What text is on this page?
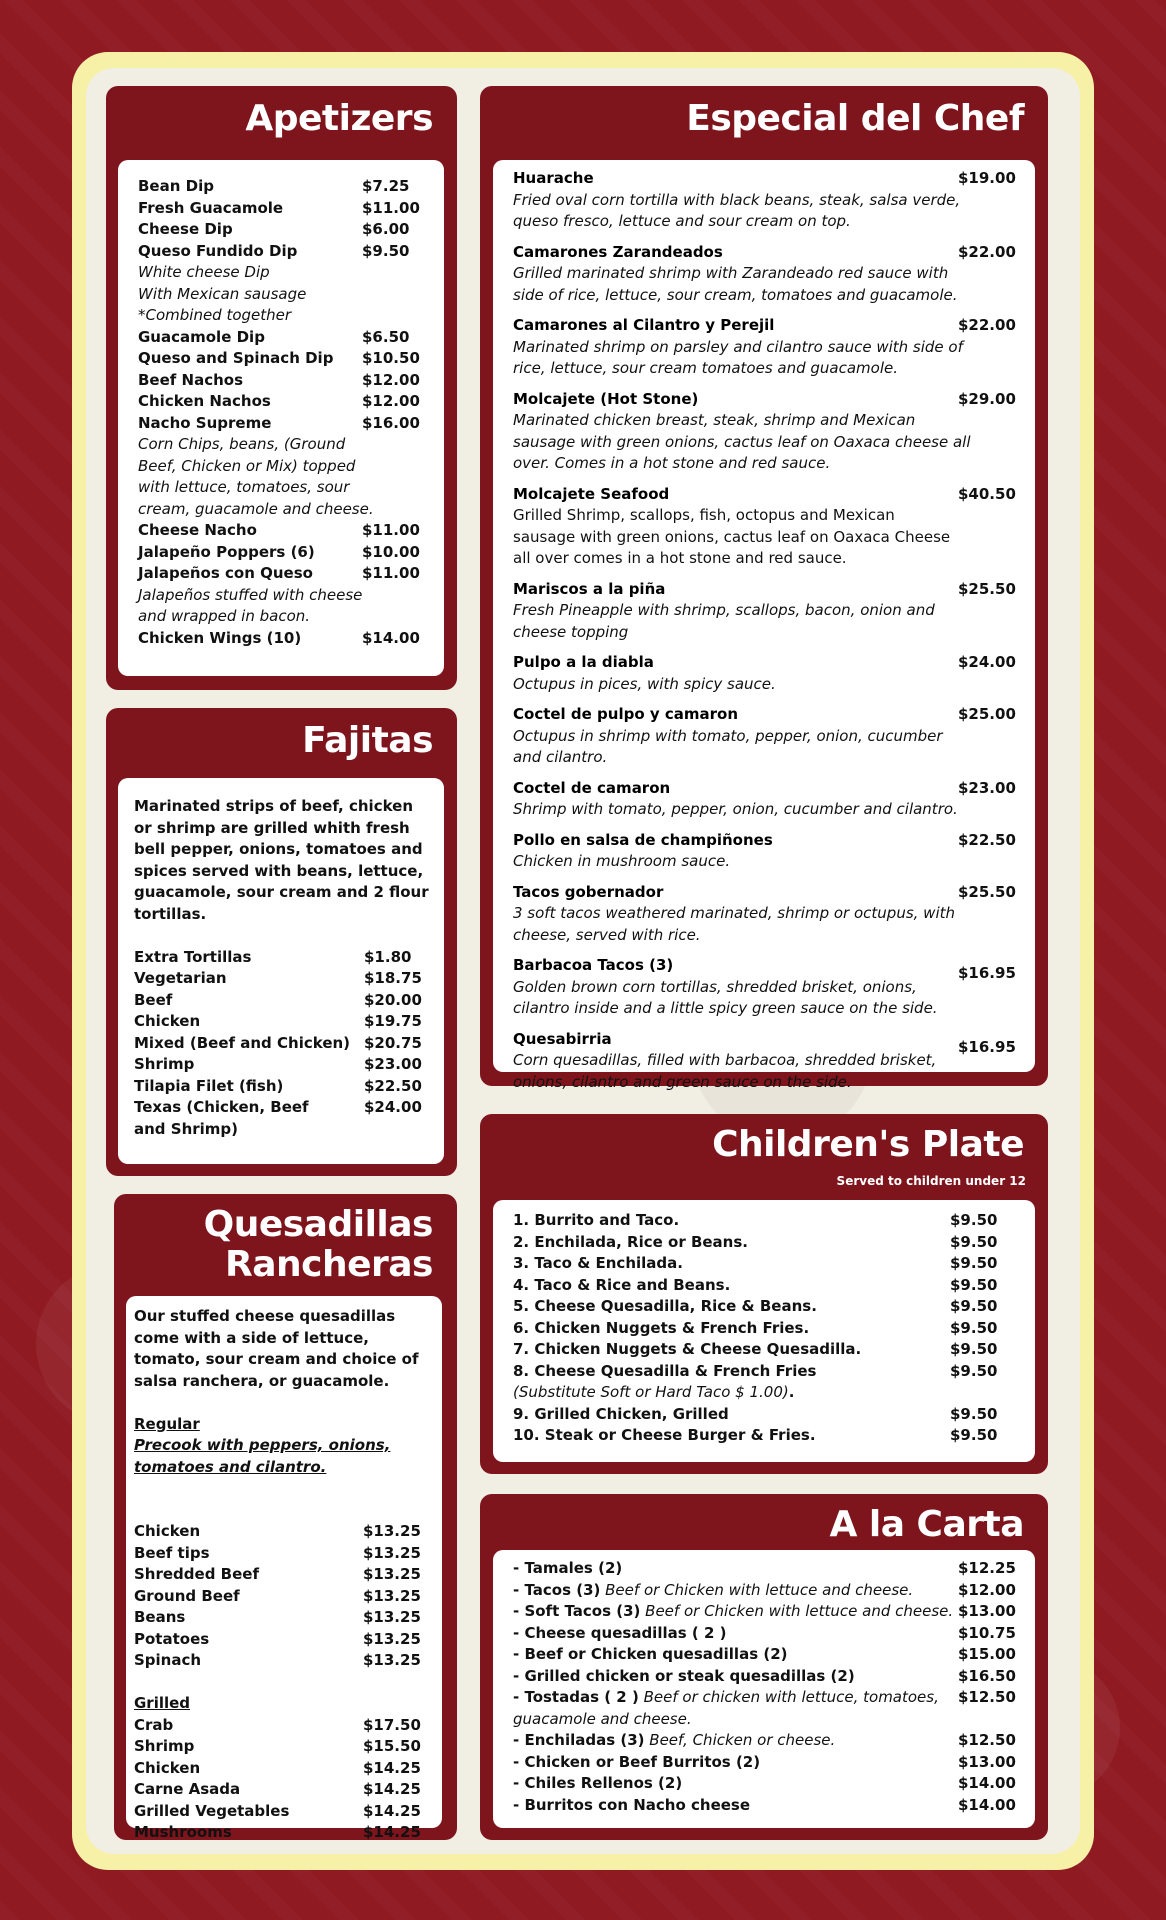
Apetizers
Bean Dip	$7.25
Fresh Guacamole	$11.00
Cheese Dip	$6.00
Queso Fundido Dip	$9.50
White cheese Dip
With Mexican sausage
*Combined together
Guacamole Dip	$6.50
Queso and Spinach Dip	$10.50
Beef Nachos	$12.00
Chicken Nachos	$12.00
Nacho Supreme	$16.00
Corn Chips, beans, (Ground
Beef, Chicken or Mix) topped
with lettuce, tomatoes, sour
cream, guacamole and cheese.
Cheese Nacho	$11.00
Jalapeño Poppers (6)	$10.00
Jalapeños con Queso	$11.00
Jalapeños stuffed with cheese
and wrapped in bacon.
Chicken Wings (10)	$14.00
Fajitas
Marinated strips of beef, chicken
or shrimp are grilled whith fresh
bell pepper, onions, tomatoes and
spices served with beans, lettuce,
guacamole, sour cream and 2 flour
tortillas.

Extra Tortillas	$1.80
Vegetarian	$18.75
Beef	$20.00
Chicken	$19.75
Mixed (Beef and Chicken) $20.75
Shrimp	$23.00
Tilapia Filet (fish)	$22.50
Texas (Chicken, Beef	$24.00
and Shrimp)
Quesadillas
Rancheras
Our stuffed cheese quesadillas
come with a side of lettuce,
tomato, sour cream and choice of
salsa ranchera, or guacamole.

Regular
Precook with peppers, onions,
tomatoes and cilantro.

Chicken	$13.25
Beef tips	$13.25
Shredded Beef	$13.25
Ground Beef	$13.25
Beans	$13.25
Potatoes	$13.25
Spinach	$13.25

Grilled
Crab	$17.50
Shrimp	$15.50
Chicken	$14.25
Carne Asada	$14.25
Grilled Vegetables	$14.25
Mushrooms	$14.25
Especial del Chef
Huarache	$19.00
Fried oval corn tortilla with black beans, steak, salsa verde,
queso fresco, lettuce and sour cream on top.
Camarones Zarandeados	$22.00
Grilled marinated shrimp with Zarandeado red sauce with
side of rice, lettuce, sour cream, tomatoes and guacamole.
Camarones al Cilantro y Perejil	$22.00
Marinated shrimp on parsley and cilantro sauce with side of
rice, lettuce, sour cream tomatoes and guacamole.
Molcajete (Hot Stone)	$29.00
Marinated chicken breast, steak, shrimp and Mexican
sausage with green onions, cactus leaf on Oaxaca cheese all
over. Comes in a hot stone and red sauce.
Molcajete Seafood	$40.50
Grilled Shrimp, scallops, fish, octopus and Mexican
sausage with green onions, cactus leaf on Oaxaca Cheese
all over comes in a hot stone and red sauce.
Mariscos a la piña	$25.50
Fresh Pineapple with shrimp, scallops, bacon, onion and
cheese topping
Pulpo a la diabla	$24.00
Octupus in pices, with spicy sauce.
Coctel de pulpo y camaron	$25.00
Octupus in shrimp with tomato, pepper, onion, cucumber
and cilantro.
Coctel de camaron	$23.00
Shrimp with tomato, pepper, onion, cucumber and cilantro.
Pollo en salsa de champiñones	$22.50
Chicken in mushroom sauce.
Tacos gobernador	$25.50
3 soft tacos weathered marinated, shrimp or octupus, with
cheese, served with rice.
Barbacoa Tacos (3)	$16.95
Golden brown corn tortillas, shredded brisket, onions,
cilantro inside and a little spicy green sauce on the side.
Quesabirria	$16.95
Corn quesadillas, filled with barbacoa, shredded brisket,
onions, cilantro and green sauce on the side.
Children's Plate
Served to children under 12
1. Burrito and Taco.	$9.50
2. Enchilada, Rice or Beans.	$9.50
3. Taco & Enchilada.	$9.50
4. Taco & Rice and Beans.	$9.50
5. Cheese Quesadilla, Rice & Beans.	$9.50
6. Chicken Nuggets & French Fries.	$9.50
7. Chicken Nuggets & Cheese Quesadilla.	$9.50
8. Cheese Quesadilla & French Fries	$9.50
(Substitute Soft or Hard Taco $ 1.00).
9. Grilled Chicken, Grilled	$9.50
10. Steak or Cheese Burger & Fries.	$9.50
A la Carta
- Tamales (2)	$12.25
- Tacos (3) Beef or Chicken with lettuce and cheese.	$12.00
- Soft Tacos (3) Beef or Chicken with lettuce and cheese. $13.00
- Cheese quesadillas ( 2 )	$10.75
- Beef or Chicken quesadillas (2)	$15.00
- Grilled chicken or steak quesadillas (2)	$16.50
- Tostadas ( 2 ) Beef or chicken with lettuce, tomatoes,
guacamole and cheese.
$12.50
- Enchiladas (3) Beef, Chicken or cheese.	$12.50
- Chicken or Beef Burritos (2)	$13.00
- Chiles Rellenos (2)	$14.00
- Burritos con Nacho cheese	$14.00
